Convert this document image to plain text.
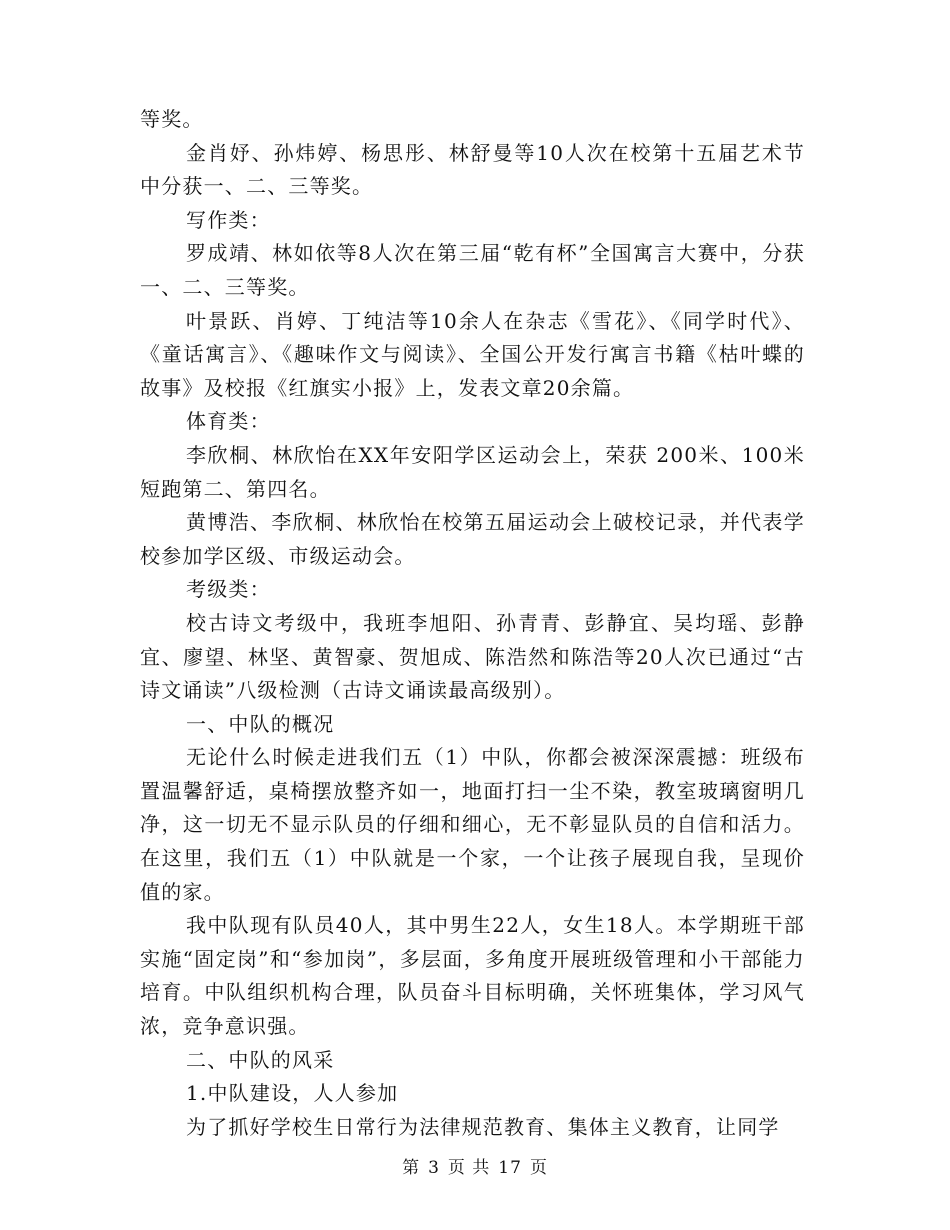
等奖。

金肖妤、孙炜婷、杨思彤、林舒曼等10人次在校第十五届艺术节中分获一、二、三等奖。

写作类：

罗成靖、林如依等8人次在第三届“乾有杯”全国寓言大赛中，分获一、二、三等奖。

叶景跃、肖婷、丁纯洁等10余人在杂志《雪花》、《同学时代》、《童话寓言》、《趣味作文与阅读》、全国公开发行寓言书籍《枯叶蝶的故事》及校报《红旗实小报》上，发表文章20余篇。

体育类：

李欣桐、林欣怡在XX年安阳学区运动会上，荣获 200米、100米短跑第二、第四名。

黄博浩、李欣桐、林欣怡在校第五届运动会上破校记录，并代表学校参加学区级、市级运动会。

考级类：

校古诗文考级中，我班李旭阳、孙青青、彭静宜、吴均瑶、彭静宜、廖望、林坚、黄智豪、贺旭成、陈浩然和陈浩等20人次已通过“古诗文诵读”八级检测（古诗文诵读最高级别）。

一、中队的概况

无论什么时候走进我们五（1）中队，你都会被深深震撼：班级布置温馨舒适，桌椅摆放整齐如一，地面打扫一尘不染，教室玻璃窗明几净，这一切无不显示队员的仔细和细心，无不彰显队员的自信和活力。在这里，我们五（1）中队就是一个家，一个让孩子展现自我，呈现价值的家。

我中队现有队员40人，其中男生22人，女生18人。本学期班干部实施“固定岗”和“参加岗”，多层面，多角度开展班级管理和小干部能力培育。中队组织机构合理，队员奋斗目标明确，关怀班集体，学习风气浓，竞争意识强。

二、中队的风采

1.中队建设，人人参加

为了抓好学校生日常行为法律规范教育、集体主义教育，让同学

第 3 页 共 17 页
